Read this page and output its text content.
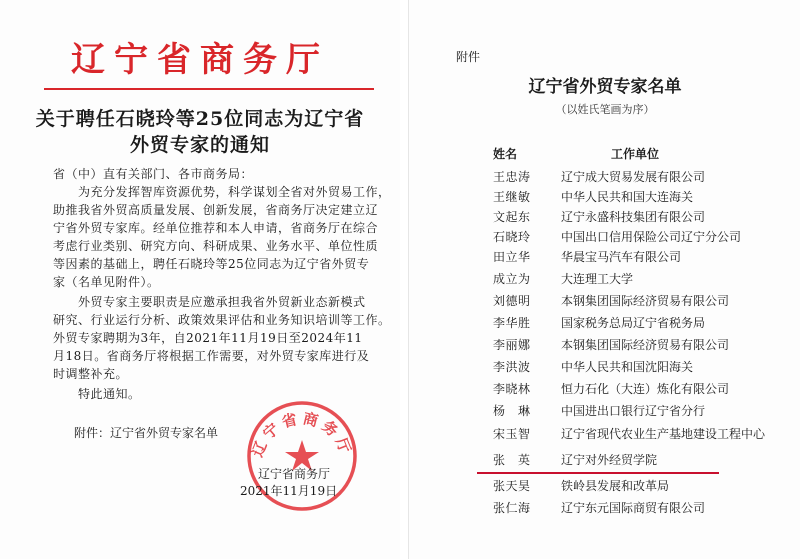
辽宁省商务厅
关于聘任石晓玲等25位同志为辽宁省
外贸专家的通知
省（中）直有关部门、各市商务局：
　　为充分发挥智库资源优势，科学谋划全省对外贸易工作，
助推我省外贸高质量发展、创新发展，省商务厅决定建立辽
宁省外贸专家库。经单位推荐和本人申请，省商务厅在综合
考虑行业类别、研究方向、科研成果、业务水平、单位性质
等因素的基础上，聘任石晓玲等25位同志为辽宁省外贸专
家（名单见附件）。
　　外贸专家主要职责是应邀承担我省外贸新业态新模式
研究、行业运行分析、政策效果评估和业务知识培训等工作。
外贸专家聘期为3年，自2021年11月19日至2024年11
月18日。省商务厅将根据工作需要，对外贸专家库进行及
时调整补充。
　　特此通知。
附件：辽宁省外贸专家名单
辽宁省商务厅
辽宁省商务厅
2021年11月19日
附件
辽宁省外贸专家名单
（以姓氏笔画为序）
姓名	工作单位
王忠涛	辽宁成大贸易发展有限公司
王继敏	中华人民共和国大连海关
文起东	辽宁永盛科技集团有限公司
石晓玲	中国出口信用保险公司辽宁分公司
田立华	华晨宝马汽车有限公司
成立为	大连理工大学
刘德明	本钢集团国际经济贸易有限公司
李华胜	国家税务总局辽宁省税务局
李丽娜	本钢集团国际经济贸易有限公司
李洪波	中华人民共和国沈阳海关
李晓林	恒力石化（大连）炼化有限公司
杨　琳	中国进出口银行辽宁省分行
宋玉智	辽宁省现代农业生产基地建设工程中心
张　英	辽宁对外经贸学院
张天昊	铁岭县发展和改革局
张仁海	辽宁东元国际商贸有限公司
